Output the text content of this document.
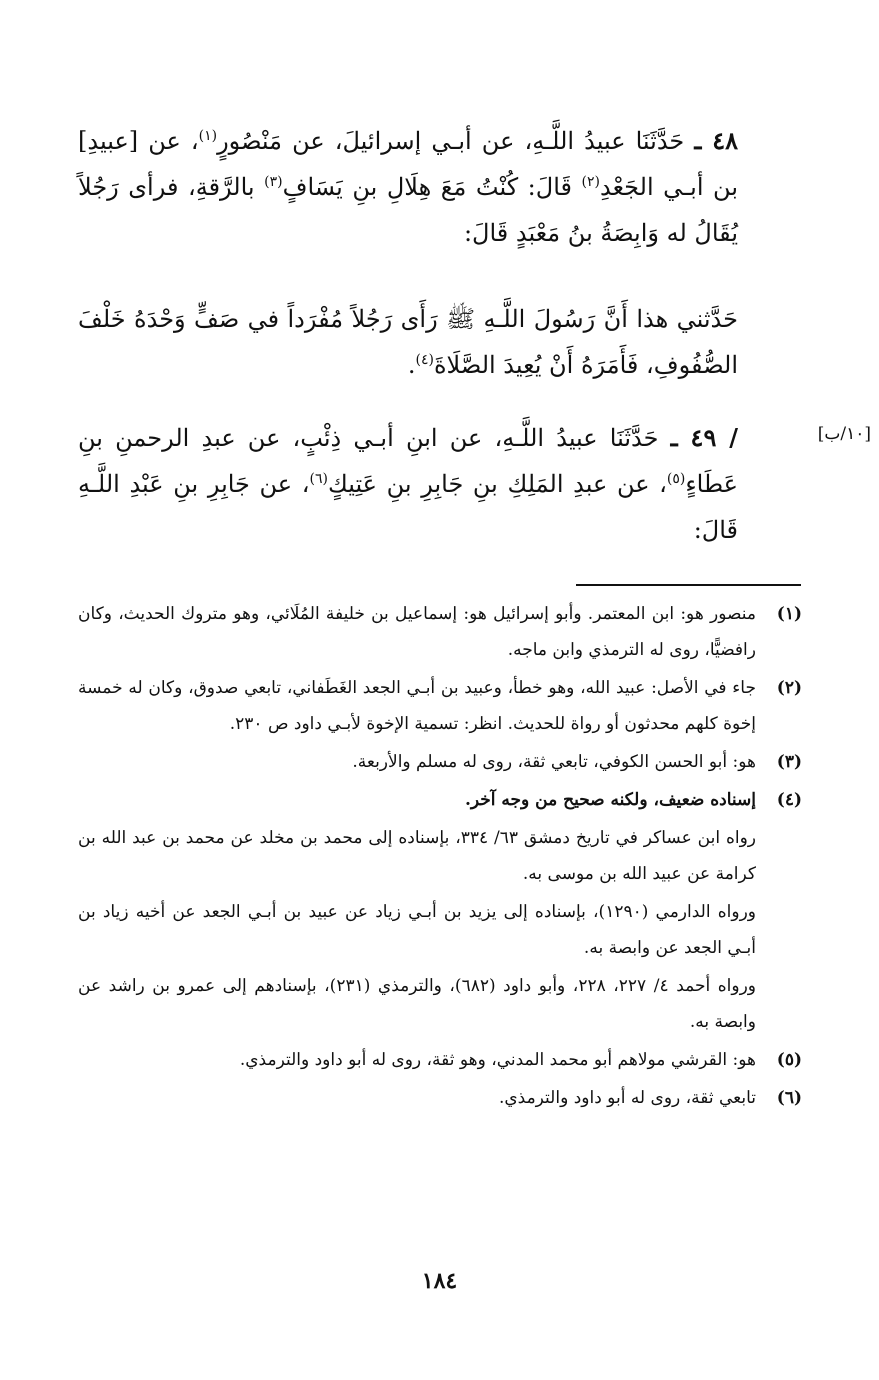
٤٨ ـ حَدَّثَنَا عبيدُ اللَّـهِ، عن أبـي إسرائيلَ، عن مَنْصُورٍ$^{(١)}$، عن [عبيدِ] بن أبـي الجَعْدِ$^{(٢)}$ قَالَ: كُنْتُ مَعَ هِلَالِ بنِ يَسَافٍ$^{(٣)}$ بالرَّقةِ، فرأى رَجُلاً يُقَالُ له وَابِصَةُ بنُ مَعْبَدٍ قَالَ:
حَدَّثني هذا أَنَّ رَسُولَ اللَّـهِ ﷺ رَأَى رَجُلاً مُفْرَداً في صَفٍّ وَحْدَهُ خَلْفَ الصُّفُوفِ، فَأَمَرَهُ أَنْ يُعِيدَ الصَّلَاةَ$^{(٤)}$.
[١٠/ب]
/ ٤٩ ـ حَدَّثَنَا عبيدُ اللَّـهِ، عن ابنِ أبـي ذِئْبٍ، عن عبدِ الرحمنِ بنِ عَطَاءٍ$^{(٥)}$، عن عبدِ المَلِكِ بنِ جَابِرِ بنِ عَتِيكٍ$^{(٦)}$، عن جَابِرِ بنِ عَبْدِ اللَّـهِ قَالَ:
(١)
منصور هو: ابن المعتمر. وأبو إسرائيل هو: إسماعيل بن خليفة المُلَائي، وهو متروك الحديث، وكان رافضيًّا، روى له الترمذي وابن ماجه.
(٢)
جاء في الأصل: عبيد الله، وهو خطأ، وعبيد بن أبـي الجعد الغَطَفاني، تابعي صدوق، وكان له خمسة إخوة كلهم محدثون أو رواة للحديث. انظر: تسمية الإخوة لأبـي داود ص ٢٣٠.
(٣)
هو: أبو الحسن الكوفي، تابعي ثقة، روى له مسلم والأربعة.
(٤)
إسناده ضعيف، ولكنه صحيح من وجه آخر.
رواه ابن عساكر في تاريخ دمشق ٦٣/ ٣٣٤، بإسناده إلى محمد بن مخلد عن محمد بن عبد الله بن كرامة عن عبيد الله بن موسى به.
ورواه الدارمي (١٢٩٠)، بإسناده إلى يزيد بن أبـي زياد عن عبيد بن أبـي الجعد عن أخيه زياد بن أبـي الجعد عن وابصة به.
ورواه أحمد ٤/ ٢٢٧، ٢٢٨، وأبو داود (٦٨٢)، والترمذي (٢٣١)، بإسنادهم إلى عمرو بن راشد عن وابصة به.
(٥)
هو: القرشي مولاهم أبو محمد المدني، وهو ثقة، روى له أبو داود والترمذي.
(٦)
تابعي ثقة، روى له أبو داود والترمذي.
١٨٤
